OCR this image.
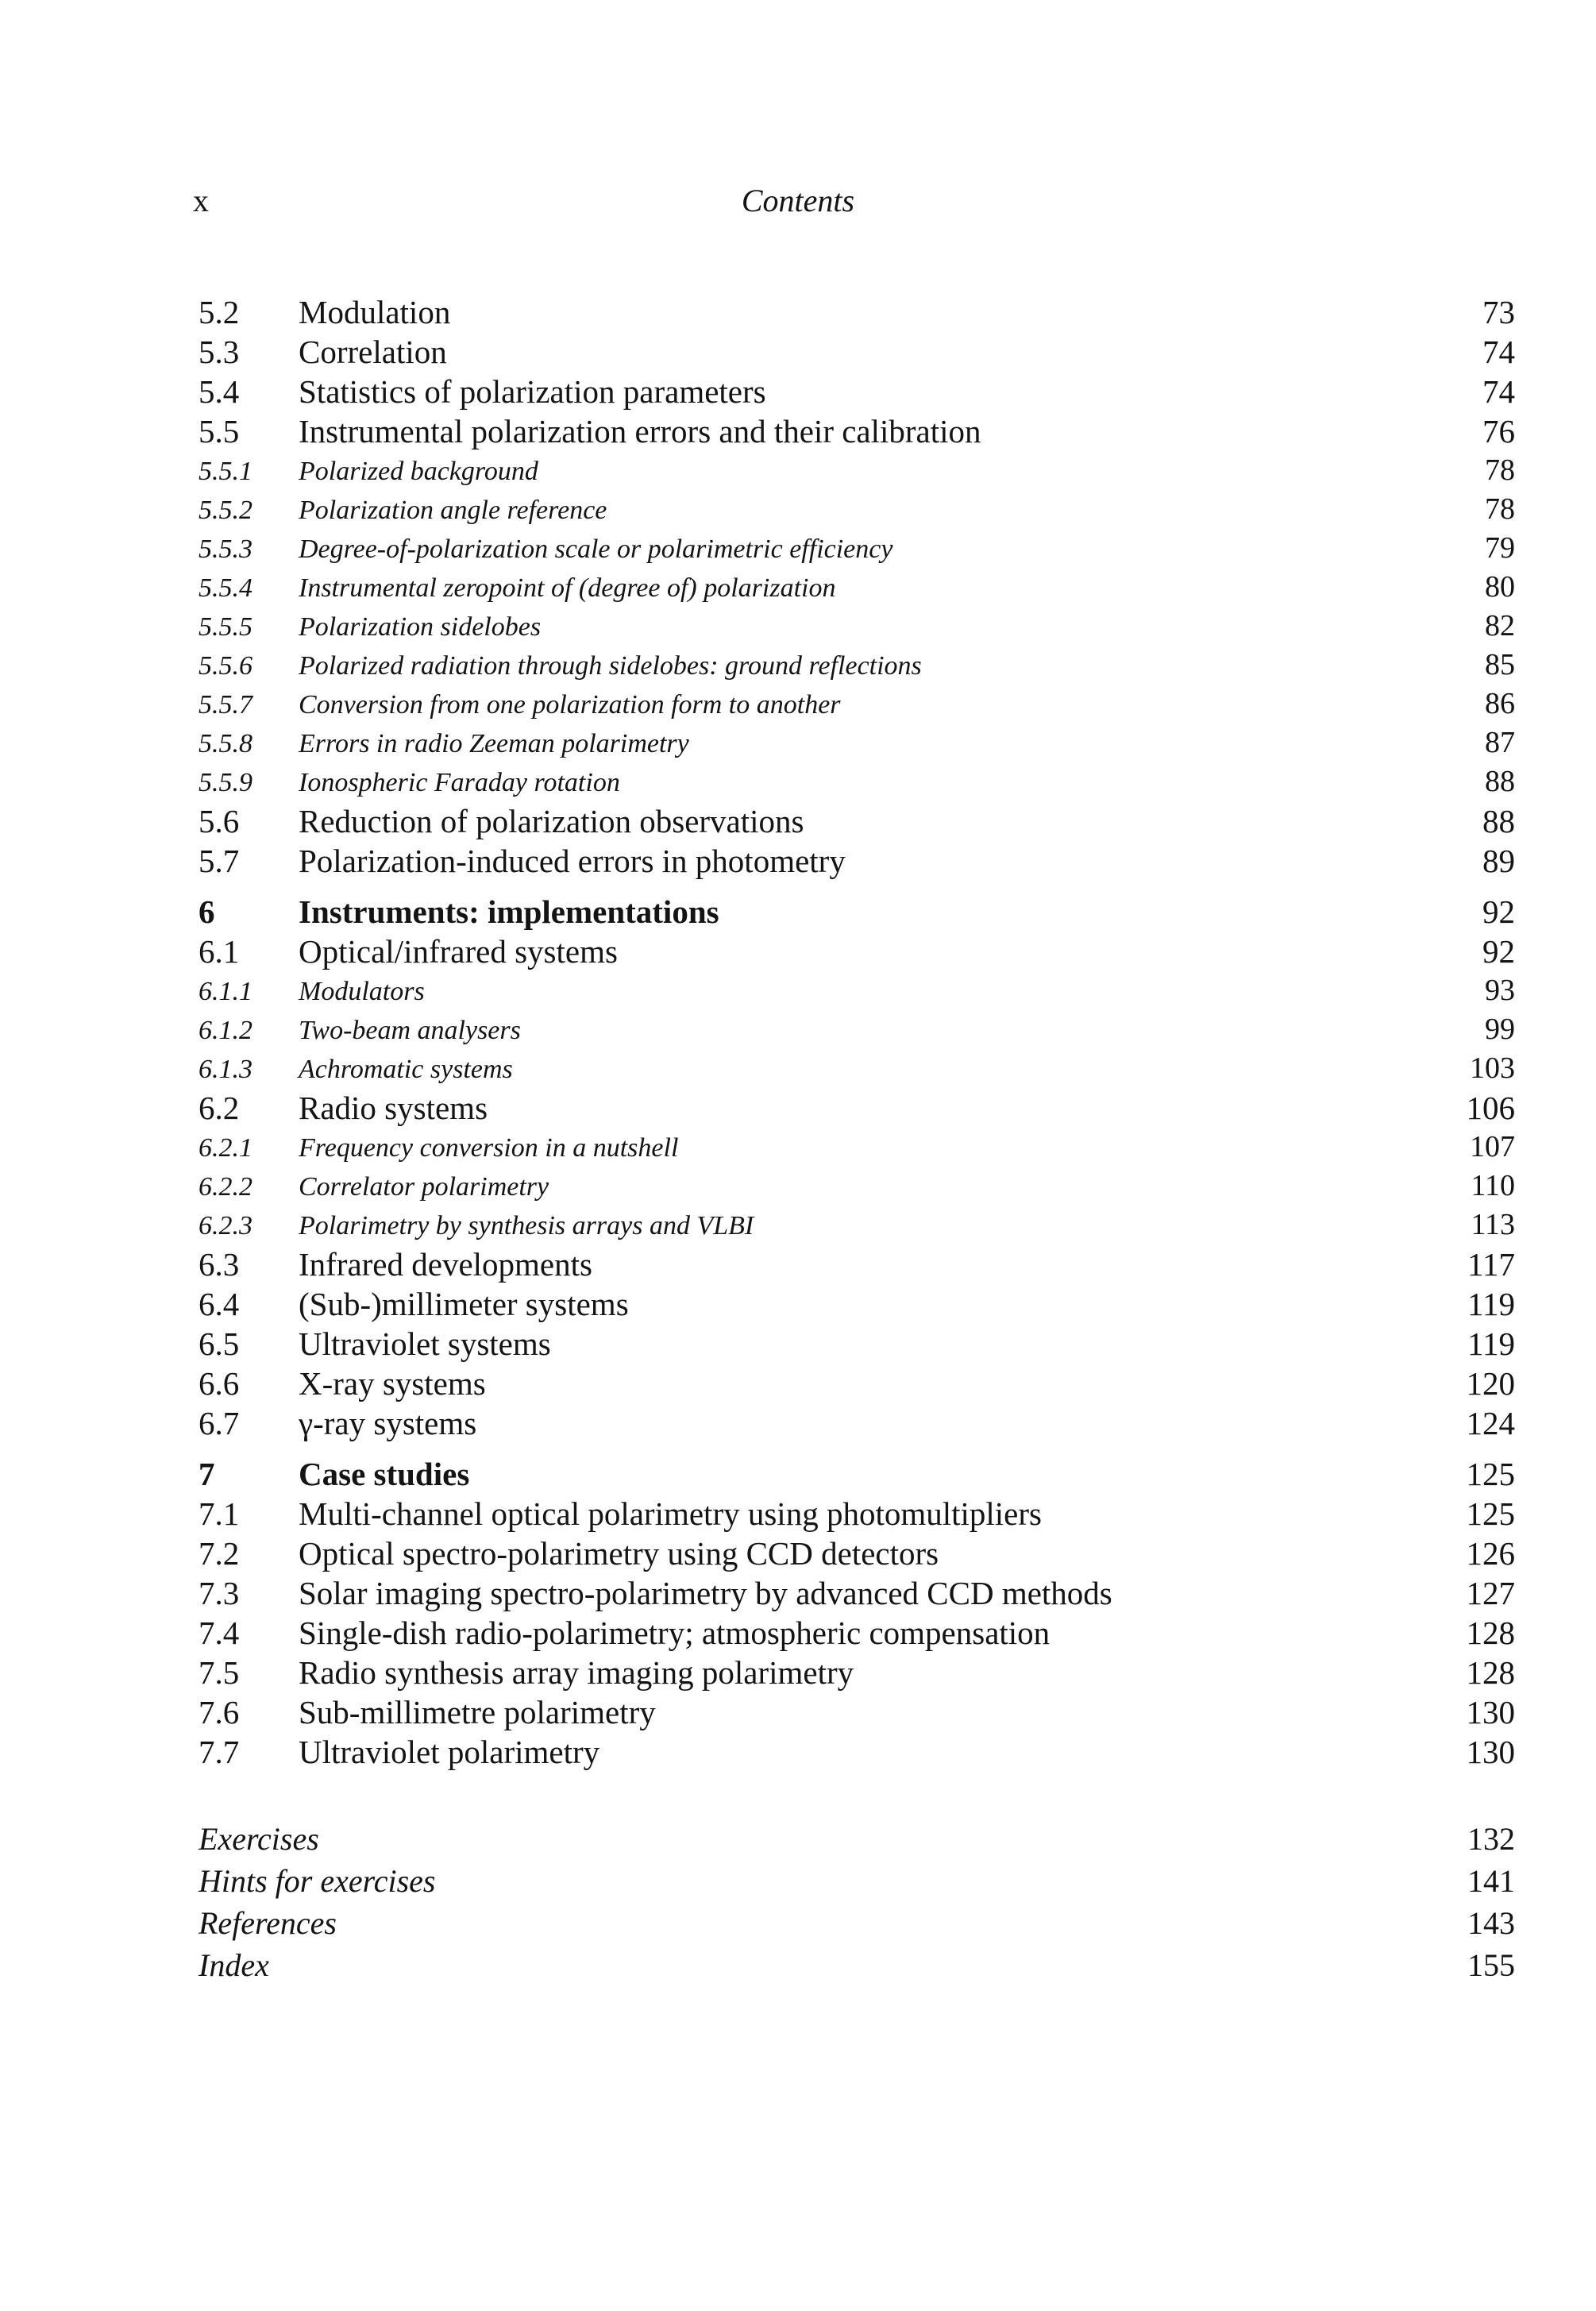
x	Contents
5.2	Modulation	73
5.3	Correlation	74
5.4	Statistics of polarization parameters	74
5.5	Instrumental polarization errors and their calibration	76
5.5.1	Polarized background	78
5.5.2	Polarization angle reference	78
5.5.3	Degree-of-polarization scale or polarimetric efficiency	79
5.5.4	Instrumental zeropoint of (degree of) polarization	80
5.5.5	Polarization sidelobes	82
5.5.6	Polarized radiation through sidelobes: ground reflections	85
5.5.7	Conversion from one polarization form to another	86
5.5.8	Errors in radio Zeeman polarimetry	87
5.5.9	Ionospheric Faraday rotation	88
5.6	Reduction of polarization observations	88
5.7	Polarization-induced errors in photometry	89
6	Instruments: implementations	92
6.1	Optical/infrared systems	92
6.1.1	Modulators	93
6.1.2	Two-beam analysers	99
6.1.3	Achromatic systems	103
6.2	Radio systems	106
6.2.1	Frequency conversion in a nutshell	107
6.2.2	Correlator polarimetry	110
6.2.3	Polarimetry by synthesis arrays and VLBI	113
6.3	Infrared developments	117
6.4	(Sub-)millimeter systems	119
6.5	Ultraviolet systems	119
6.6	X-ray systems	120
6.7	γ-ray systems	124
7	Case studies	125
7.1	Multi-channel optical polarimetry using photomultipliers	125
7.2	Optical spectro-polarimetry using CCD detectors	126
7.3	Solar imaging spectro-polarimetry by advanced CCD methods	127
7.4	Single-dish radio-polarimetry; atmospheric compensation	128
7.5	Radio synthesis array imaging polarimetry	128
7.6	Sub-millimetre polarimetry	130
7.7	Ultraviolet polarimetry	130
Exercises	132
Hints for exercises	141
References	143
Index	155
